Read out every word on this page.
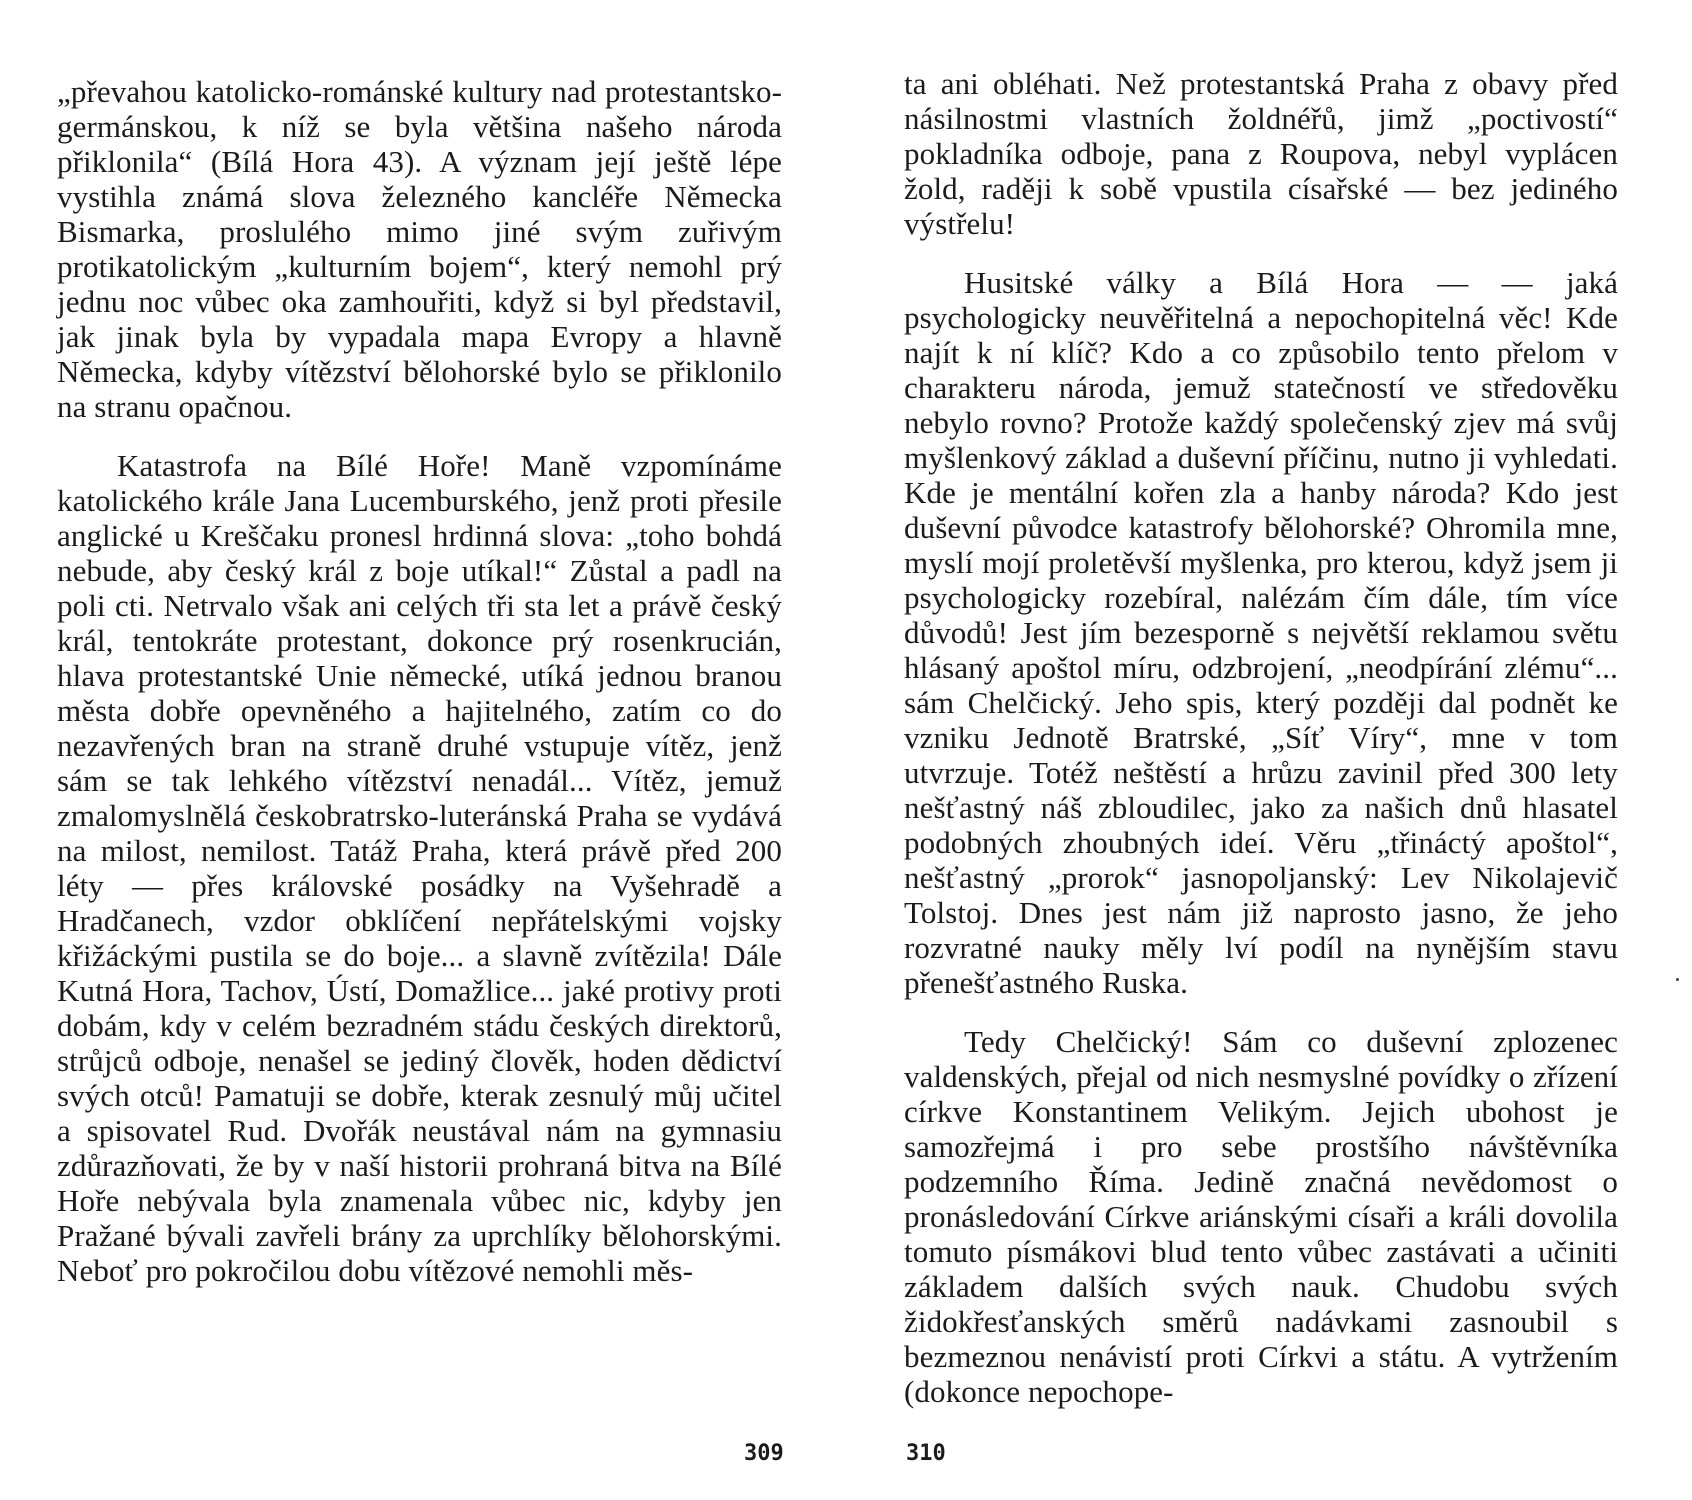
„převahou katolicko-románské kultury nad protestantsko-germánskou, k níž se byla většina našeho národa přiklonila“ (Bílá Hora 43). A význam její ještě lépe vystihla známá slova železného kancléře Německa Bismarka, proslulého mimo jiné svým zuřivým protikatolickým „kulturním bojem“, který nemohl prý jednu noc vůbec oka zamhouřiti, když si byl představil, jak jinak byla by vypadala mapa Evropy a hlavně Německa, kdyby vítězství bělohorské bylo se přiklonilo na stranu opačnou.

Katastrofa na Bílé Hoře! Maně vzpomínáme katolického krále Jana Lucemburského, jenž proti přesile anglické u Kreščaku pronesl hrdinná slova: „toho bohdá nebude, aby český král z boje utíkal!“ Zůstal a padl na poli cti. Netrvalo však ani celých tři sta let a právě český král, tentokráte protestant, dokonce prý rosenkrucián, hlava protestantské Unie německé, utíká jednou branou města dobře opevněného a hajitelného, zatím co do nezavřených bran na straně druhé vstupuje vítěz, jenž sám se tak lehkého vítězství nenadál... Vítěz, jemuž zmalomyslnělá českobratrsko-luteránská Praha se vydává na milost, nemilost. Tatáž Praha, která právě před 200 léty — přes královské posádky na Vyšehradě a Hradčanech, vzdor obklíčení nepřátelskými vojsky křižáckými pustila se do boje... a slavně zvítězila! Dále Kutná Hora, Tachov, Ústí, Domažlice... jaké protivy proti dobám, kdy v celém bezradném stádu českých direktorů, strůjců odboje, nenašel se jediný člověk, hoden dědictví svých otců! Pamatuji se dobře, kterak zesnulý můj učitel a spisovatel Rud. Dvořák neustával nám na gymnasiu zdůrazňovati, že by v naší historii prohraná bitva na Bílé Hoře nebývala byla znamenala vůbec nic, kdyby jen Pražané bývali zavřeli brány za uprchlíky bělohorskými. Neboť pro pokročilou dobu vítězové nemohli měs-

309

ta ani obléhati. Než protestantská Praha z obavy před násilnostmi vlastních žoldnéřů, jimž „poctivostí“ pokladníka odboje, pana z Roupova, nebyl vyplácen žold, raději k sobě vpustila císařské — bez jediného výstřelu!

Husitské války a Bílá Hora — — jaká psychologicky neuvěřitelná a nepochopitelná věc! Kde najít k ní klíč? Kdo a co způsobilo tento přelom v charakteru národa, jemuž statečností ve středověku nebylo rovno? Protože každý společenský zjev má svůj myšlenkový základ a duševní příčinu, nutno ji vyhledati. Kde je mentální kořen zla a hanby národa? Kdo jest duševní původce katastrofy bělohorské? Ohromila mne, myslí mojí proletěvší myšlenka, pro kterou, když jsem ji psychologicky rozebíral, nalézám čím dále, tím více důvodů! Jest jím bezesporně s největší reklamou světu hlásaný apoštol míru, odzbrojení, „neodpírání zlému“... sám Chelčický. Jeho spis, který později dal podnět ke vzniku Jednotě Bratrské, „Síť Víry“, mne v tom utvrzuje. Totéž neštěstí a hrůzu zavinil před 300 lety nešťastný náš zbloudilec, jako za našich dnů hlasatel podobných zhoubných ideí. Věru „třináctý apoštol“, nešťastný „prorok“ jasnopoljanský: Lev Nikolajevič Tolstoj. Dnes jest nám již naprosto jasno, že jeho rozvratné nauky měly lví podíl na nynějším stavu přenešťastného Ruska.

Tedy Chelčický! Sám co duševní zplozenec valdenských, přejal od nich nesmyslné povídky o zřízení církve Konstantinem Velikým. Jejich ubohost je samozřejmá i pro sebe prostšího návštěvníka podzemního Říma. Jedině značná nevědomost o pronásledování Církve ariánskými císaři a králi dovolila tomuto písmákovi blud tento vůbec zastávati a učiniti základem dalších svých nauk. Chudobu svých židokřesťanských směrů nadávkami zasnoubil s bezmeznou nenávistí proti Církvi a státu. A vytržením (dokonce nepochope-

310
